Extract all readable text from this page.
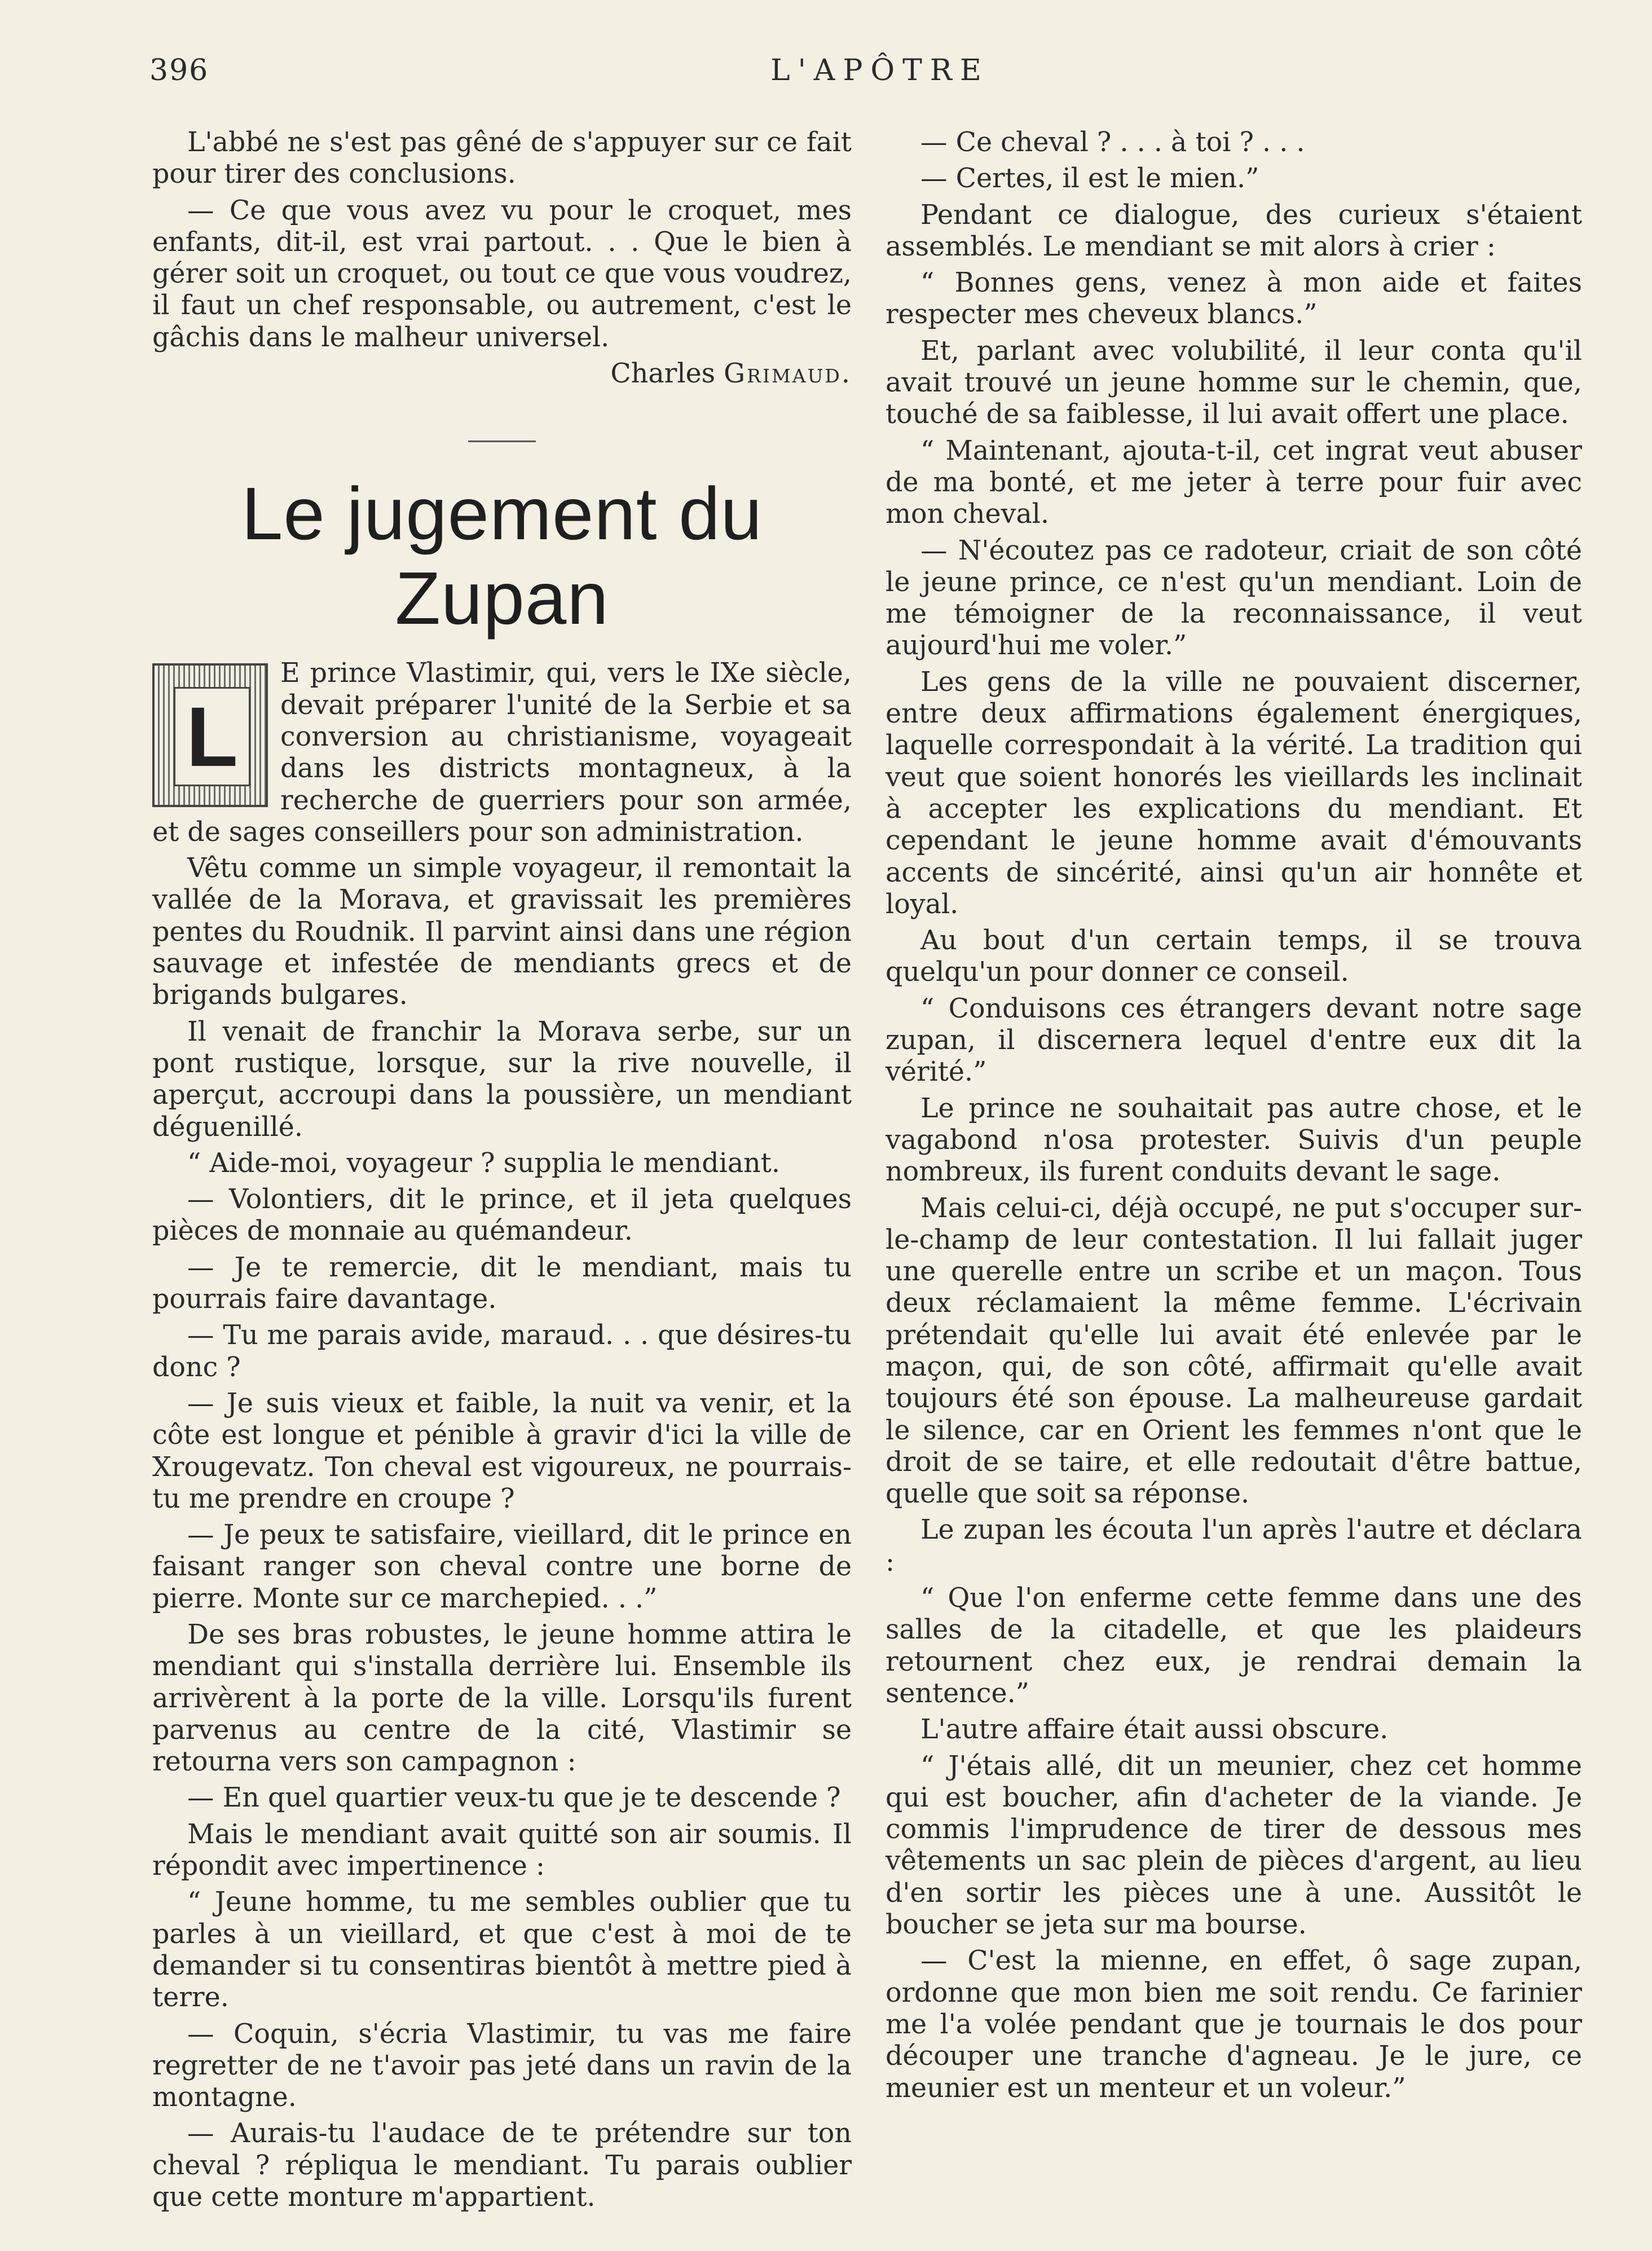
396	L'APÔTRE

L'abbé ne s'est pas gêné de s'appuyer sur ce fait pour tirer des conclusions.

— Ce que vous avez vu pour le croquet, mes enfants, dit-il, est vrai partout. . . Que le bien à gérer soit un croquet, ou tout ce que vous voudrez, il faut un chef responsable, ou autrement, c'est le gâchis dans le malheur universel.

Charles Grimaud.

Le jugement du Zupan

L
E prince Vlastimir, qui, vers le IXe siècle, devait préparer l'unité de la Serbie et sa conversion au christianisme, voyageait dans les districts montagneux, à la recherche de guerriers pour son armée, et de sages conseillers pour son administration.

Vêtu comme un simple voyageur, il remontait la vallée de la Morava, et gravissait les premières pentes du Roudnik. Il parvint ainsi dans une région sauvage et infestée de mendiants grecs et de brigands bulgares.

Il venait de franchir la Morava serbe, sur un pont rustique, lorsque, sur la rive nouvelle, il aperçut, accroupi dans la poussière, un mendiant déguenillé.

“ Aide-moi, voyageur ? supplia le mendiant.

— Volontiers, dit le prince, et il jeta quelques pièces de monnaie au quémandeur.

— Je te remercie, dit le mendiant, mais tu pourrais faire davantage.

— Tu me parais avide, maraud. . . que désires-tu donc ?

— Je suis vieux et faible, la nuit va venir, et la côte est longue et pénible à gravir d'ici la ville de Xrougevatz. Ton cheval est vigoureux, ne pourrais-tu me prendre en croupe ?

— Je peux te satisfaire, vieillard, dit le prince en faisant ranger son cheval contre une borne de pierre. Monte sur ce marchepied. . .”

De ses bras robustes, le jeune homme attira le mendiant qui s'installa derrière lui. Ensemble ils arrivèrent à la porte de la ville. Lorsqu'ils furent parvenus au centre de la cité, Vlastimir se retourna vers son campagnon :

— En quel quartier veux-tu que je te descende ?

Mais le mendiant avait quitté son air soumis. Il répondit avec impertinence :

“ Jeune homme, tu me sembles oublier que tu parles à un vieillard, et que c'est à moi de te demander si tu consentiras bientôt à mettre pied à terre.

— Coquin, s'écria Vlastimir, tu vas me faire regretter de ne t'avoir pas jeté dans un ravin de la montagne.

— Aurais-tu l'audace de te prétendre sur ton cheval ? répliqua le mendiant. Tu parais oublier que cette monture m'appartient.

— Ce cheval ? . . . à toi ? . . .

— Certes, il est le mien.”

Pendant ce dialogue, des curieux s'étaient assemblés. Le mendiant se mit alors à crier :

“ Bonnes gens, venez à mon aide et faites respecter mes cheveux blancs.”

Et, parlant avec volubilité, il leur conta qu'il avait trouvé un jeune homme sur le chemin, que, touché de sa faiblesse, il lui avait offert une place.

“ Maintenant, ajouta-t-il, cet ingrat veut abuser de ma bonté, et me jeter à terre pour fuir avec mon cheval.

— N'écoutez pas ce radoteur, criait de son côté le jeune prince, ce n'est qu'un mendiant. Loin de me témoigner de la reconnaissance, il veut aujourd'hui me voler.”

Les gens de la ville ne pouvaient discerner, entre deux affirmations également énergiques, laquelle correspondait à la vérité. La tradition qui veut que soient honorés les vieillards les inclinait à accepter les explications du mendiant. Et cependant le jeune homme avait d'émouvants accents de sincérité, ainsi qu'un air honnête et loyal.

Au bout d'un certain temps, il se trouva quelqu'un pour donner ce conseil.

“ Conduisons ces étrangers devant notre sage zupan, il discernera lequel d'entre eux dit la vérité.”

Le prince ne souhaitait pas autre chose, et le vagabond n'osa protester. Suivis d'un peuple nombreux, ils furent conduits devant le sage.

Mais celui-ci, déjà occupé, ne put s'occuper sur-le-champ de leur contestation. Il lui fallait juger une querelle entre un scribe et un maçon. Tous deux réclamaient la même femme. L'écrivain prétendait qu'elle lui avait été enlevée par le maçon, qui, de son côté, affirmait qu'elle avait toujours été son épouse. La malheureuse gardait le silence, car en Orient les femmes n'ont que le droit de se taire, et elle redoutait d'être battue, quelle que soit sa réponse.

Le zupan les écouta l'un après l'autre et déclara :

“ Que l'on enferme cette femme dans une des salles de la citadelle, et que les plaideurs retournent chez eux, je rendrai demain la sentence.”

L'autre affaire était aussi obscure.

“ J'étais allé, dit un meunier, chez cet homme qui est boucher, afin d'acheter de la viande. Je commis l'imprudence de tirer de dessous mes vêtements un sac plein de pièces d'argent, au lieu d'en sortir les pièces une à une. Aussitôt le boucher se jeta sur ma bourse.

— C'est la mienne, en effet, ô sage zupan, ordonne que mon bien me soit rendu. Ce farinier me l'a volée pendant que je tournais le dos pour découper une tranche d'agneau. Je le jure, ce meunier est un menteur et un voleur.”
